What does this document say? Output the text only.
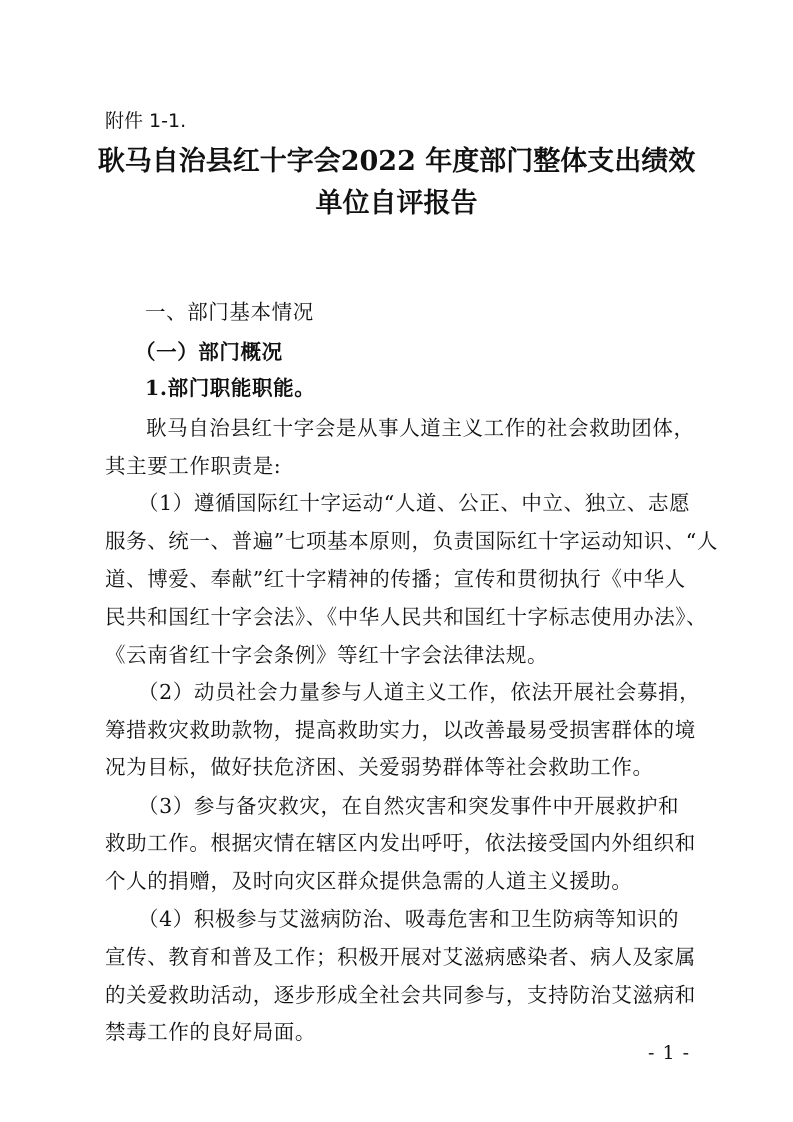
附件 1-1.
耿马自治县红十字会2022 年度部门整体支出绩效
单位自评报告
一、部门基本情况
（一）部门概况
1.部门职能职能。
耿马自治县红十字会是从事人道主义工作的社会救助团体，
其主要工作职责是:
（1）遵循国际红十字运动“人道、公正、中立、独立、志愿
服务、统一、普遍”七项基本原则，负责国际红十字运动知识、“人
道、博爱、奉献”红十字精神的传播；宣传和贯彻执行《中华人
民共和国红十字会法》、《中华人民共和国红十字标志使用办法》、
《云南省红十字会条例》等红十字会法律法规。
（2）动员社会力量参与人道主义工作，依法开展社会募捐，
筹措救灾救助款物，提高救助实力，以改善最易受损害群体的境
况为目标，做好扶危济困、关爱弱势群体等社会救助工作。
（3）参与备灾救灾，在自然灾害和突发事件中开展救护和
救助工作。根据灾情在辖区内发出呼吁，依法接受国内外组织和
个人的捐赠，及时向灾区群众提供急需的人道主义援助。
（4）积极参与艾滋病防治、吸毒危害和卫生防病等知识的
宣传、教育和普及工作；积极开展对艾滋病感染者、病人及家属
的关爱救助活动，逐步形成全社会共同参与，支持防治艾滋病和
禁毒工作的良好局面。
- 1 -
